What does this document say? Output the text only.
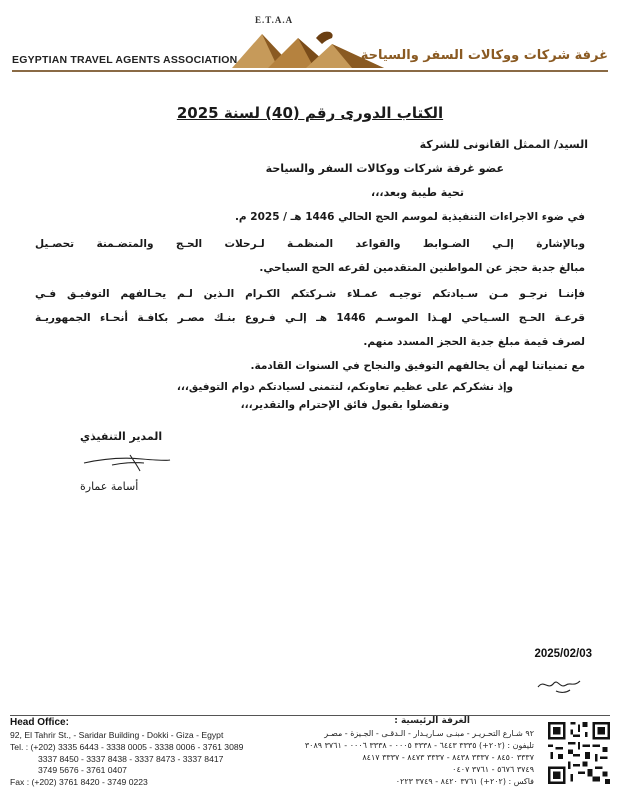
E.T.A.A
EGYPTIAN TRAVEL AGENTS ASSOCIATION	غرفة شركات ووكالات السفر والسياحة
الكتاب الدورى رقم (40) لسنة 2025
السيد/ الممثل القانونى للشركة
عضو غرفة شركات ووكالات السفر والسياحة
تحية طيبة وبعد،،،
في ضوء الاجراءات التنفيذية لموسم الحج الحالي 1446 هـ / 2025 م.
وبالإشارة إلـي الضـوابط والقواعد المنظمـة لـرحلات الحـج والمتضـمنة تحصـيل
مبالغ جدية حجز عن المواطنين المتقدمين لقرعه الحج السياحي.
فإننـا نرجـو مـن سـيادتكم توجيـه عمـلاء شـركتكم الكـرام الـذين لـم يحـالفهم التوفيـق فـي
قرعـة الحـج السـياحي لهـذا الموسـم 1446 هـ إلـي فـروع بنـك مصـر بكافـة أنحـاء الجمهوريـة
لصرف قيمة مبلغ جدية الحجز المسدد منهم.
مع تمنياتنا لهم أن يحالفهم التوفيق والنجاح في السنوات القادمة.
وإذ نشكركم على عظيم تعاونكم، لنتمنى لسيادتكم دوام التوفيق،،،
وتفضلوا بقبول فائق الإحترام والتقدير،،،
المدير التنفيذي
أسامة عمارة
2025/02/03
Head Office:
92, El Tahrir St., - Saridar Building - Dokki - Giza - Egypt
Tel. : (+202) 3335 6443 - 3338 0005 - 3338 0006 - 3761 3089
3337 8450 - 3337 8438 - 3337 8473 - 3337 8417
3749 5676 - 3761 0407
Fax : (+202) 3761 8420 - 3749 0223
الغرفة الرئيسية :
٩٢ شـارع التحـريـر - مبنـى سـاريـدار - الـدقـى - الجـيزة - مصـر
تليفون : (٢٠٢+) ٣٣٣٥ ٦٤٤٣ - ٣٣٣٨ ٠٠٠٥ - ٣٣٣٨ ٠٠٠٦ - ٣٧٦١ ٣٠٨٩
٣٣٣٧ ٨٤٥٠ - ٣٣٣٧ ٨٤٣٨ - ٣٣٣٧ ٨٤٧٣ - ٣٣٣٧ ٨٤١٧
٣٧٤٩ ٥٦٧٦ - ٣٧٦١ ٠٤٠٧
فاكس : (٢٠٢+) ٣٧٦١ ٨٤٢٠ - ٣٧٤٩ ٠٢٢٣
